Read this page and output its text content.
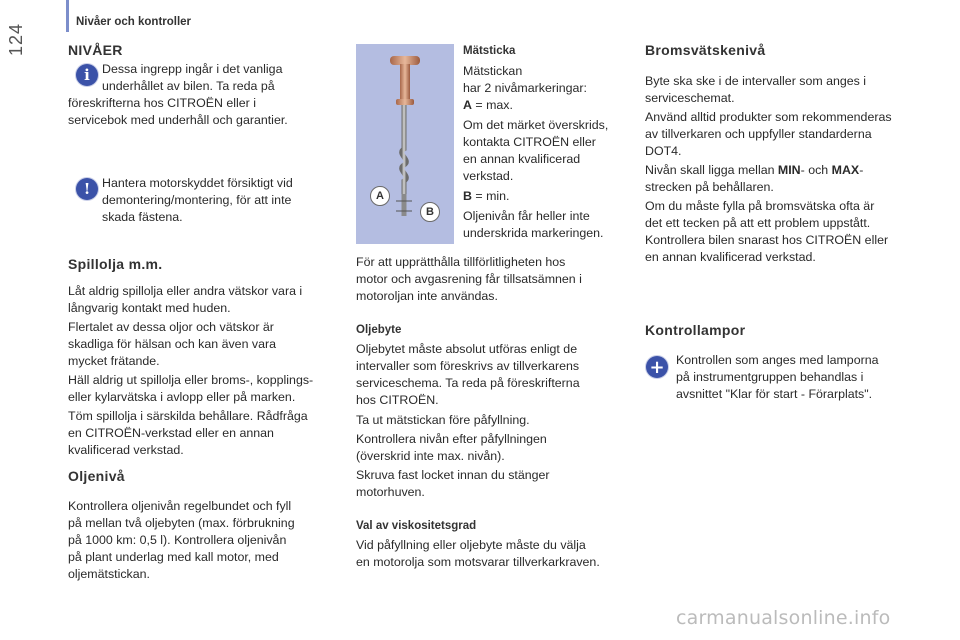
124
Nivåer och kontroller
NIVÅER
i Dessa ingrepp ingår i det vanliga
underhållet av bilen. Ta reda på
föreskrifterna hos CITROËN eller i
servicebok med underhåll och garantier.
! Hantera motorskyddet försiktigt vid
demontering/montering, för att inte
skada fästena.
Spillolja m.m.
Låt aldrig spillolja eller andra vätskor vara i
långvarig kontakt med huden.
Flertalet av dessa oljor och vätskor är
skadliga för hälsan och kan även vara
mycket frätande.
Häll aldrig ut spillolja eller broms-, kopplings-
eller kylarvätska i avlopp eller på marken.
Töm spillolja i särskilda behållare. Rådfråga
en CITROËN-verkstad eller en annan
kvalificerad verkstad.
Oljenivå
Kontrollera oljenivån regelbundet och fyll
på mellan två oljebyten (max. förbrukning
på 1000 km: 0,5 l). Kontrollera oljenivån
på plant underlag med kall motor, med
oljemätstickan.
A
B
Mätsticka
Mätstickan
har 2 nivåmarkeringar:
A = max.
Om det märket överskrids,
kontakta CITROËN eller
en annan kvalificerad
verkstad.
B = min.
Oljenivån får heller inte
underskrida markeringen.
För att upprätthålla tillförlitligheten hos
motor och avgasrening får tillsatsämnen i
motoroljan inte användas.
Oljebyte
Oljebytet måste absolut utföras enligt de
intervaller som föreskrivs av tillverkarens
serviceschema. Ta reda på föreskrifterna
hos CITROËN.
Ta ut mätstickan före påfyllning.
Kontrollera nivån efter påfyllningen
(överskrid inte max. nivån).
Skruva fast locket innan du stänger
motorhuven.
Val av viskositetsgrad
Vid påfyllning eller oljebyte måste du välja
en motorolja som motsvarar tillverkarkraven.
Bromsvätskenivå
Byte ska ske i de intervaller som anges i
serviceschemat.
Använd alltid produkter som rekommenderas
av tillverkaren och uppfyller standarderna
DOT4.
Nivån skall ligga mellan MIN- och MAX-
strecken på behållaren.
Om du måste fylla på bromsvätska ofta är
det ett tecken på att ett problem uppstått.
Kontrollera bilen snarast hos CITROËN eller
en annan kvalificerad verkstad.
Kontrollampor
+ Kontrollen som anges med lamporna
på instrumentgruppen behandlas i
avsnittet "Klar för start - Förarplats".
carmanualsonline.info
